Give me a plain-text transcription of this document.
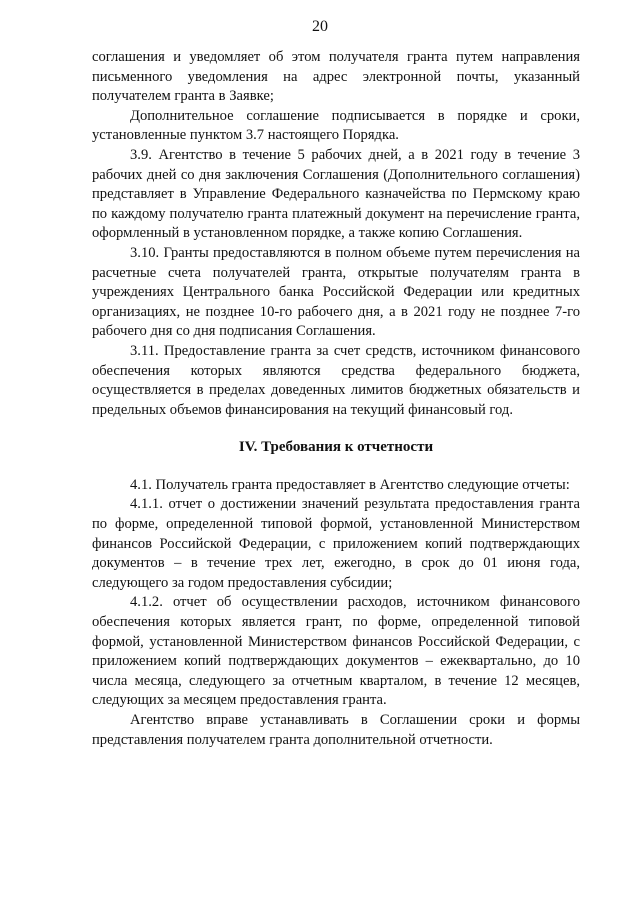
20

соглашения и уведомляет об этом получателя гранта путем направления письменного уведомления на адрес электронной почты, указанный получателем гранта в Заявке;

Дополнительное соглашение подписывается в порядке и сроки, установленные пунктом 3.7 настоящего Порядка.

3.9. Агентство в течение 5 рабочих дней, а в 2021 году в течение 3 рабочих дней со дня заключения Соглашения (Дополнительного соглашения) представляет в Управление Федерального казначейства по Пермскому краю по каждому получателю гранта платежный документ на перечисление гранта, оформленный в установленном порядке, а также копию Соглашения.

3.10. Гранты предоставляются в полном объеме путем перечисления на расчетные счета получателей гранта, открытые получателям гранта в учреждениях Центрального банка Российской Федерации или кредитных организациях, не позднее 10-го рабочего дня, а в 2021 году не позднее 7-го рабочего дня со дня подписания Соглашения.

3.11. Предоставление гранта за счет средств, источником финансового обеспечения которых являются средства федерального бюджета, осуществляется в пределах доведенных лимитов бюджетных обязательств и предельных объемов финансирования на текущий финансовый год.

IV. Требования к отчетности

4.1. Получатель гранта предоставляет в Агентство следующие отчеты:

4.1.1. отчет о достижении значений результата предоставления гранта по форме, определенной типовой формой, установленной Министерством финансов Российской Федерации, с приложением копий подтверждающих документов – в течение трех лет, ежегодно, в срок до 01 июня года, следующего за годом предоставления субсидии;

4.1.2. отчет об осуществлении расходов, источником финансового обеспечения которых является грант, по форме, определенной типовой формой, установленной Министерством финансов Российской Федерации, с приложением копий подтверждающих документов – ежеквартально, до 10 числа месяца, следующего за отчетным кварталом, в течение 12 месяцев, следующих за месяцем предоставления гранта.

Агентство вправе устанавливать в Соглашении сроки и формы представления получателем гранта дополнительной отчетности.
